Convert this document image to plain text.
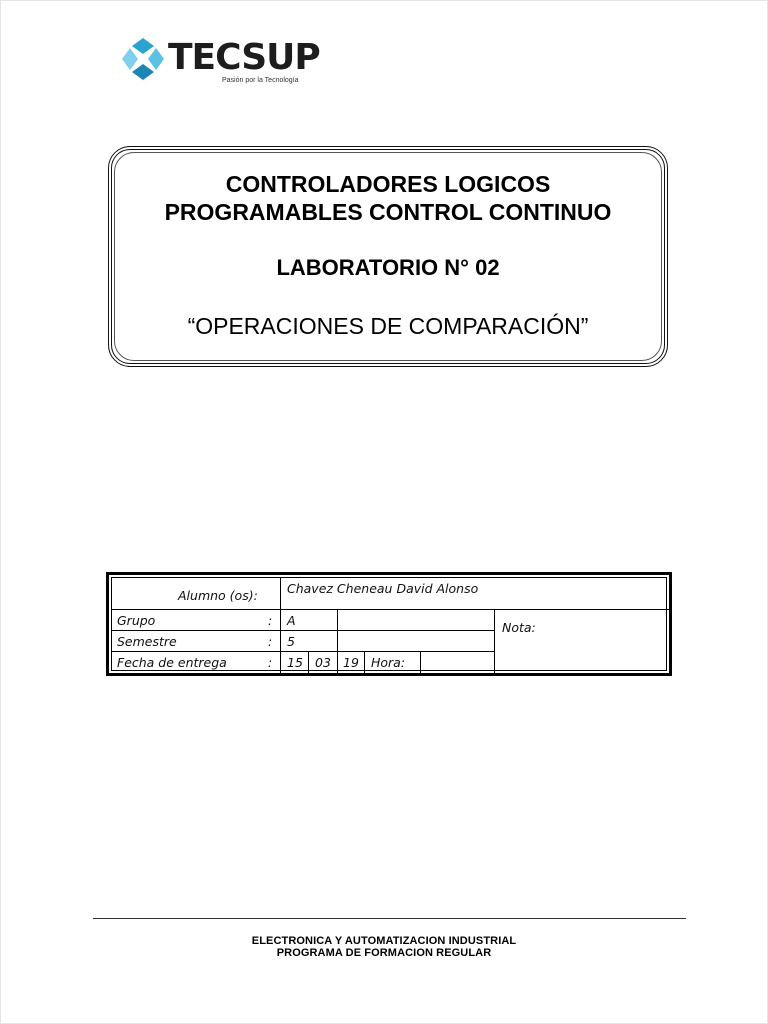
TECSUP
Pasión por la Tecnología
CONTROLADORES LOGICOS
PROGRAMABLES CONTROL CONTINUO
LABORATORIO N° 02
“OPERACIONES DE COMPARACIÓN”
Alumno (os): Chavez Cheneau David Alonso
Grupo	: A
Semestre	: 5
Fecha de entrega	: 15 03 19 Hora:
Nota:
ELECTRONICA Y AUTOMATIZACION INDUSTRIAL
PROGRAMA DE FORMACION REGULAR
